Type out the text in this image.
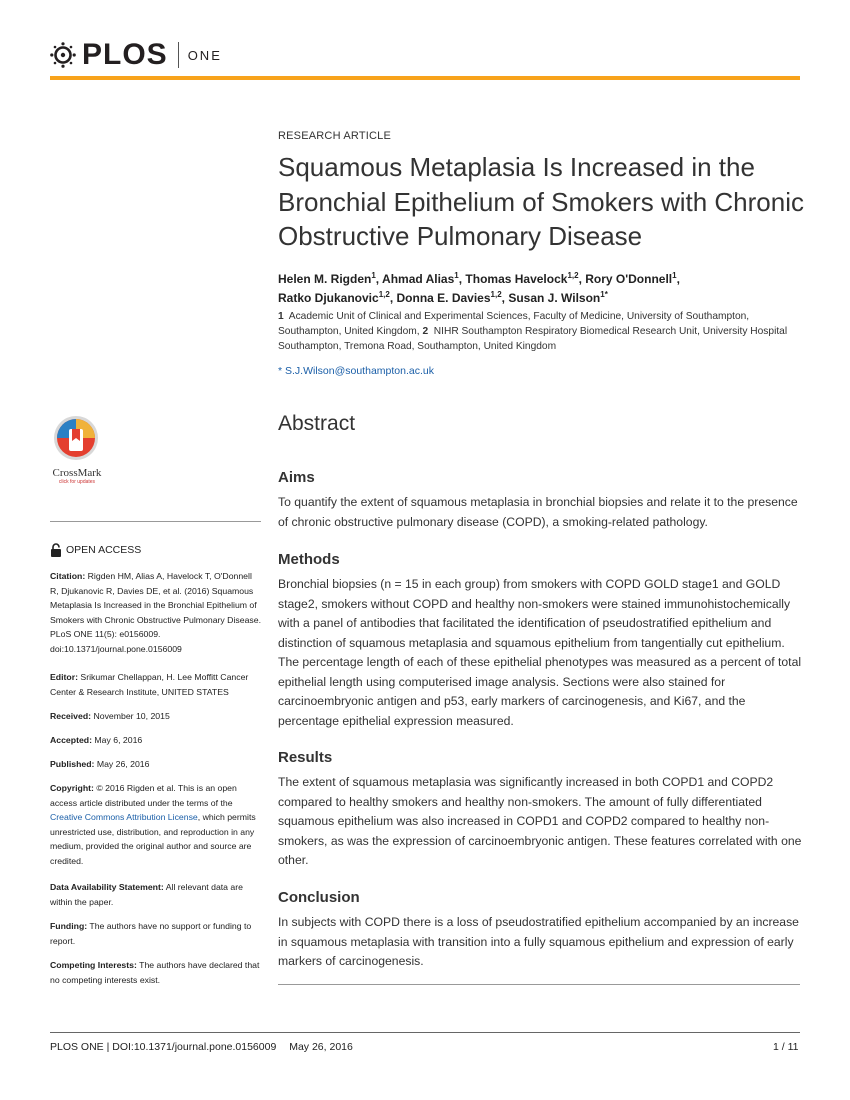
PLOS ONE
RESEARCH ARTICLE
Squamous Metaplasia Is Increased in the Bronchial Epithelium of Smokers with Chronic Obstructive Pulmonary Disease
Helen M. Rigden$^1$, Ahmad Alias$^1$, Thomas Havelock$^{1,2}$, Rory O'Donnell$^1$,
Ratko Djukanovic$^{1,2}$, Donna E. Davies$^{1,2}$, Susan J. Wilson$^{1*}$
1 Academic Unit of Clinical and Experimental Sciences, Faculty of Medicine, University of Southampton, Southampton, United Kingdom, 2 NIHR Southampton Respiratory Biomedical Research Unit, University Hospital Southampton, Tremona Road, Southampton, United Kingdom
* S.J.Wilson@southampton.ac.uk
Abstract
Aims

To quantify the extent of squamous metaplasia in bronchial biopsies and relate it to the presence of chronic obstructive pulmonary disease (COPD), a smoking-related pathology.

Methods

Bronchial biopsies (n = 15 in each group) from smokers with COPD GOLD stage1 and GOLD stage2, smokers without COPD and healthy non-smokers were stained immunohistochemically with a panel of antibodies that facilitated the identification of pseudostratified epithelium and distinction of squamous metaplasia and squamous epithelium from tangentially cut epithelium. The percentage length of each of these epithelial phenotypes was measured as a percent of total epithelial length using computerised image analysis. Sections were also stained for carcinoembryonic antigen and p53, early markers of carcinogenesis, and Ki67, and the percentage epithelial expression measured.

Results

The extent of squamous metaplasia was significantly increased in both COPD1 and COPD2 compared to healthy smokers and healthy non-smokers. The amount of fully differentiated squamous epithelium was also increased in COPD1 and COPD2 compared to healthy non-smokers, as was the expression of carcinoembryonic antigen. These features correlated with one other.

Conclusion

In subjects with COPD there is a loss of pseudostratified epithelium accompanied by an increase in squamous metaplasia with transition into a fully squamous epithelium and expression of early markers of carcinogenesis.

CrossMark
click for updates
OPEN ACCESS
Citation: Rigden HM, Alias A, Havelock T, O'Donnell R, Djukanovic R, Davies DE, et al. (2016) Squamous Metaplasia Is Increased in the Bronchial Epithelium of Smokers with Chronic Obstructive Pulmonary Disease. PLoS ONE 11(5): e0156009. doi:10.1371/journal.pone.0156009
Editor: Srikumar Chellappan, H. Lee Moffitt Cancer Center & Research Institute, UNITED STATES
Received: November 10, 2015
Accepted: May 6, 2016
Published: May 26, 2016
Copyright: © 2016 Rigden et al. This is an open access article distributed under the terms of the Creative Commons Attribution License, which permits unrestricted use, distribution, and reproduction in any medium, provided the original author and source are credited.
Data Availability Statement: All relevant data are within the paper.
Funding: The authors have no support or funding to report.
Competing Interests: The authors have declared that no competing interests exist.
PLOS ONE | DOI:10.1371/journal.pone.0156009 May 26, 2016	1 / 11
